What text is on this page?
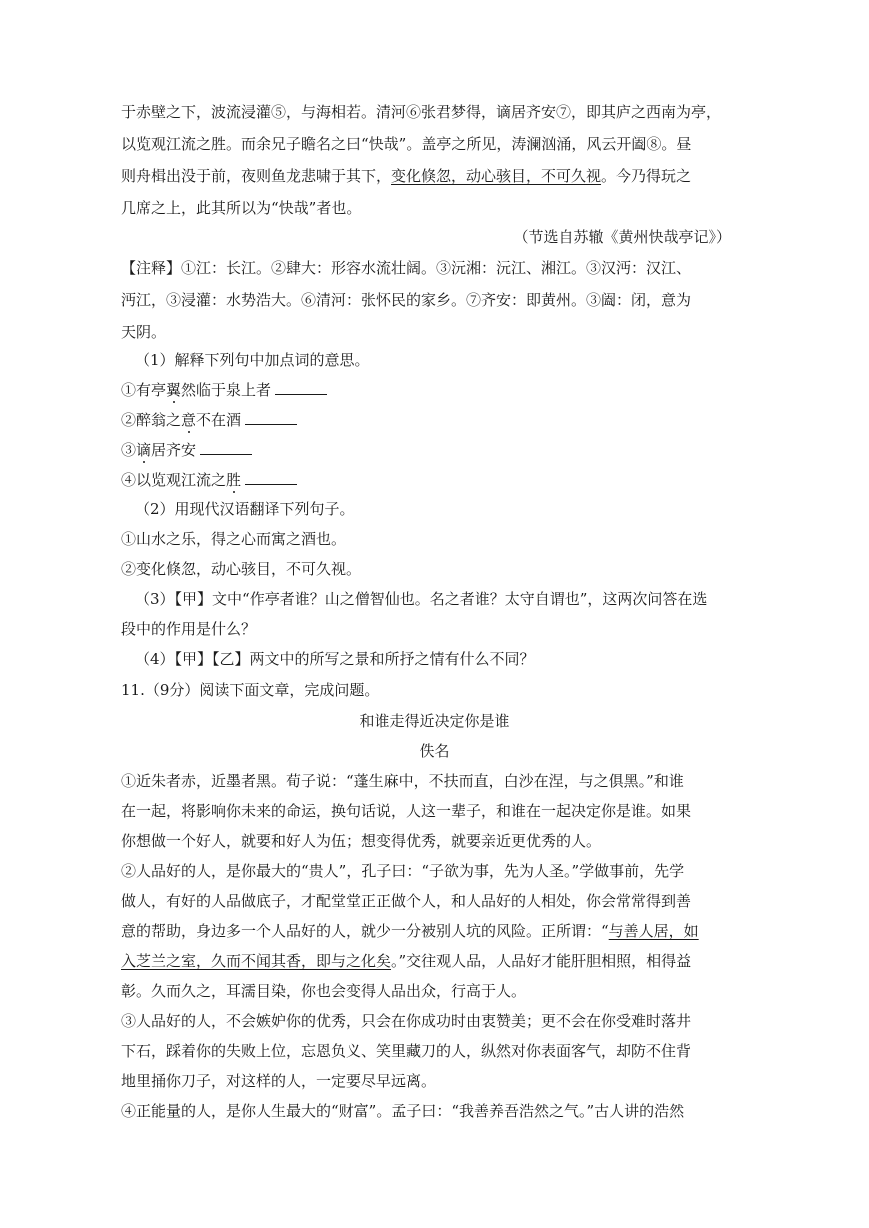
于赤壁之下，波流浸灌⑤，与海相若。清河⑥张君梦得，谪居齐安⑦，即其庐之西南为亭，
以览观江流之胜。而余兄子瞻名之曰“快哉”。盖亭之所见，涛澜汹涌，风云开阖⑧。昼
则舟楫出没于前，夜则鱼龙悲啸于其下，变化倏忽，动心骇目，不可久视。今乃得玩之
几席之上，此其所以为“快哉”者也。
（节选自苏辙《黄州快哉亭记》）
【注释】①江：长江。②肆大：形容水流壮阔。③沅湘：沅江、湘江。③汉沔：汉江、
沔江，③浸灌：水势浩大。⑥清河：张怀民的家乡。⑦齐安：即黄州。③阖：闭，意为
天阴。
（1）解释下列句中加点词的意思。
①有亭翼然临于泉上者
②醉翁之意不在酒
③谪居齐安
④以览观江流之胜
（2）用现代汉语翻译下列句子。
①山水之乐，得之心而寓之酒也。
②变化倏忽，动心骇目，不可久视。
（3）【甲】文中“作亭者谁？山之僧智仙也。名之者谁？太守自谓也”，这两次问答在选
段中的作用是什么？
（4）【甲】【乙】两文中的所写之景和所抒之情有什么不同？
11.（9分）阅读下面文章，完成问题。
和谁走得近决定你是谁
佚名
①近朱者赤，近墨者黑。荀子说：“蓬生麻中，不扶而直，白沙在涅，与之俱黑。”和谁
在一起，将影响你未来的命运，换句话说，人这一辈子，和谁在一起决定你是谁。如果
你想做一个好人，就要和好人为伍；想变得优秀，就要亲近更优秀的人。
②人品好的人，是你最大的“贵人”，孔子曰：“子欲为事，先为人圣。”学做事前，先学
做人，有好的人品做底子，才配堂堂正正做个人，和人品好的人相处，你会常常得到善
意的帮助，身边多一个人品好的人，就少一分被别人坑的风险。正所谓：“与善人居，如
入芝兰之室，久而不闻其香，即与之化矣。”交往观人品，人品好才能肝胆相照，相得益
彰。久而久之，耳濡目染，你也会变得人品出众，行高于人。
③人品好的人，不会嫉妒你的优秀，只会在你成功时由衷赞美；更不会在你受难时落井
下石，踩着你的失败上位，忘恩负义、笑里藏刀的人，纵然对你表面客气，却防不住背
地里捅你刀子，对这样的人，一定要尽早远离。
④正能量的人，是你人生最大的“财富”。孟子曰：“我善养吾浩然之气。”古人讲的浩然
